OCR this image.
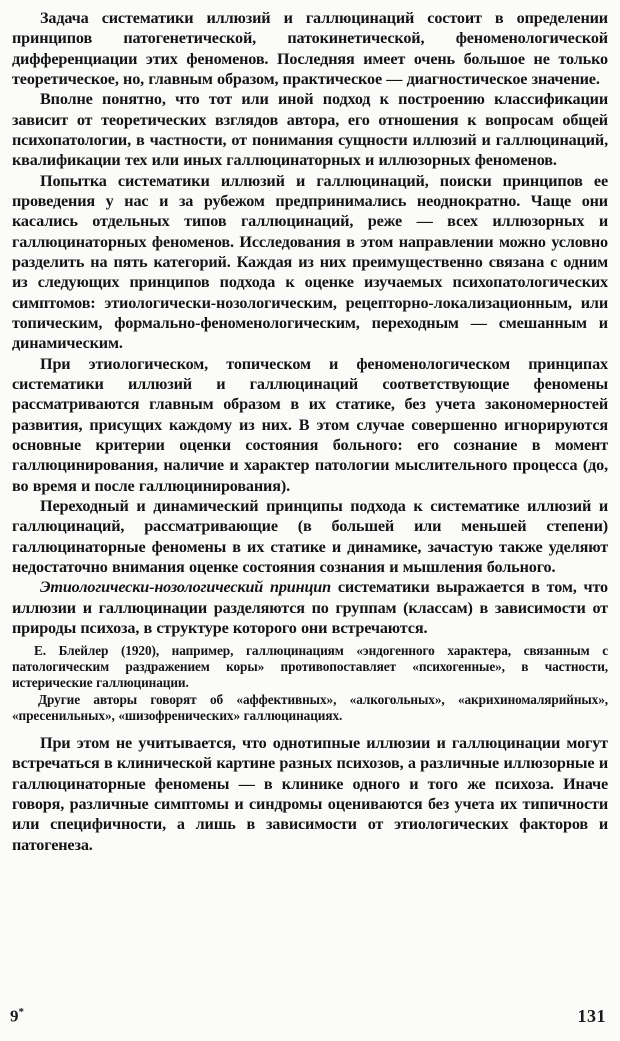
Задача систематики иллюзий и галлюцинаций состоит в определении принципов патогенетической, патокинетической, феноменологической дифференциации этих феноменов. Последняя имеет очень большое не только теоретическое, но, главным образом, практическое — диагностическое значение.

Вполне понятно, что тот или иной подход к построению классификации зависит от теоретических взглядов автора, его отношения к вопросам общей психопатологии, в частности, от понимания сущности иллюзий и галлюцинаций, квалификации тех или иных галлюцинаторных и иллюзорных феноменов.

Попытка систематики иллюзий и галлюцинаций, поиски принципов ее проведения у нас и за рубежом предпринимались неоднократно. Чаще они касались отдельных типов галлюцинаций, реже — всех иллюзорных и галлюцинаторных феноменов. Исследования в этом направлении можно условно разделить на пять категорий. Каждая из них преимущественно связана с одним из следующих принципов подхода к оценке изучаемых психопатологических симптомов: этиологически-нозологическим, рецепторно-локализационным, или топическим, формально-феноменологическим, переходным — смешанным и динамическим.

При этиологическом, топическом и феноменологическом принципах систематики иллюзий и галлюцинаций соответствующие феномены рассматриваются главным образом в их статике, без учета закономерностей развития, присущих каждому из них. В этом случае совершенно игнорируются основные критерии оценки состояния больного: его сознание в момент галлюцинирования, наличие и характер патологии мыслительного процесса (до, во время и после галлюцинирования).

Переходный и динамический принципы подхода к систематике иллюзий и галлюцинаций, рассматривающие (в большей или меньшей степени) галлюцинаторные феномены в их статике и динамике, зачастую также уделяют недостаточно внимания оценке состояния сознания и мышления больного.

Этиологически-нозологический принцип систематики выражается в том, что иллюзии и галлюцинации разделяются по группам (классам) в зависимости от природы психоза, в структуре которого они встречаются.

Е. Блейлер (1920), например, галлюцинациям «эндогенного характера, связанным с патологическим раздражением коры» противопоставляет «психогенные», в частности, истерические галлюцинации.

Другие авторы говорят об «аффективных», «алкогольных», «акрихиномалярийных», «пресенильных», «шизофренических» галлюцинациях.

При этом не учитывается, что однотипные иллюзии и галлюцинации могут встречаться в клинической картине разных психозов, а различные иллюзорные и галлюцинаторные феномены — в клинике одного и того же психоза. Иначе говоря, различные симптомы и синдромы оцениваются без учета их типичности или специфичности, а лишь в зависимости от этиологических факторов и патогенеза.

9*	131
